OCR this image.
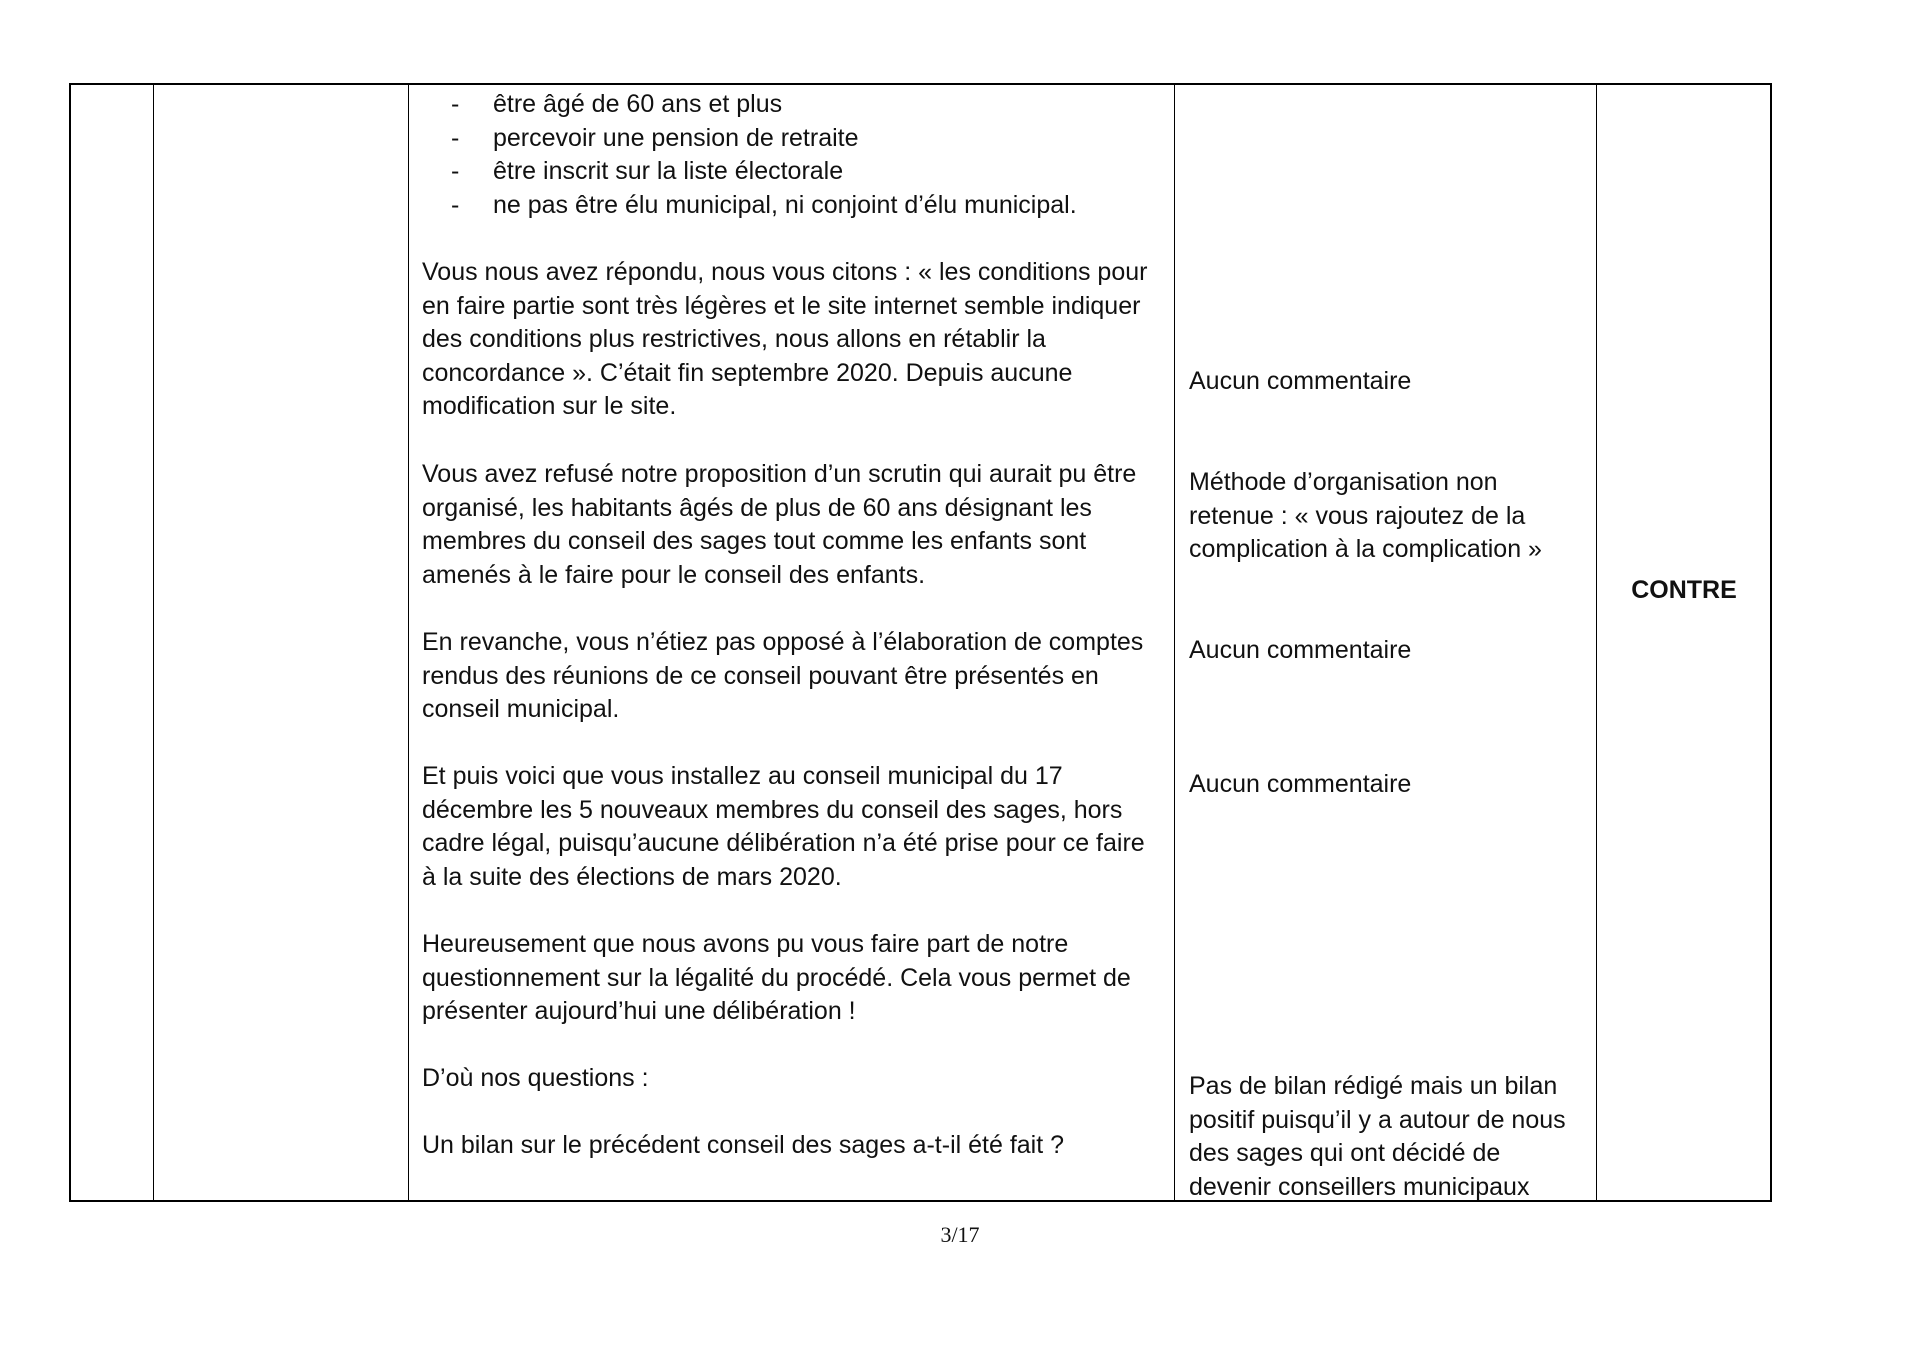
- être âgé de 60 ans et plus
- percevoir une pension de retraite
- être inscrit sur la liste électorale
- ne pas être élu municipal, ni conjoint d’élu municipal.

Vous nous avez répondu, nous vous citons : « les conditions pour en faire partie sont très légères et le site internet semble indiquer des conditions plus restrictives, nous allons en rétablir la concordance ». C’était fin septembre 2020. Depuis aucune modification sur le site.

Vous avez refusé notre proposition d’un scrutin qui aurait pu être organisé, les habitants âgés de plus de 60 ans désignant les membres du conseil des sages tout comme les enfants sont amenés à le faire pour le conseil des enfants.

En revanche, vous n’étiez pas opposé à l’élaboration de comptes rendus des réunions de ce conseil pouvant être présentés en conseil municipal.

Et puis voici que vous installez au conseil municipal du 17 décembre les 5 nouveaux membres du conseil des sages, hors cadre légal, puisqu’aucune délibération n’a été prise pour ce faire à la suite des élections de mars 2020.

Heureusement que nous avons pu vous faire part de notre questionnement sur la légalité du procédé. Cela vous permet de présenter aujourd’hui une délibération !

D’où nos questions :

Un bilan sur le précédent conseil des sages a-t-il été fait ?

Aucun commentaire

Méthode d’organisation non retenue : « vous rajoutez de la complication à la complication »

Aucun commentaire

Aucun commentaire

Pas de bilan rédigé mais un bilan positif puisqu’il y a autour de nous des sages qui ont décidé de devenir conseillers municipaux

CONTRE
3/17
